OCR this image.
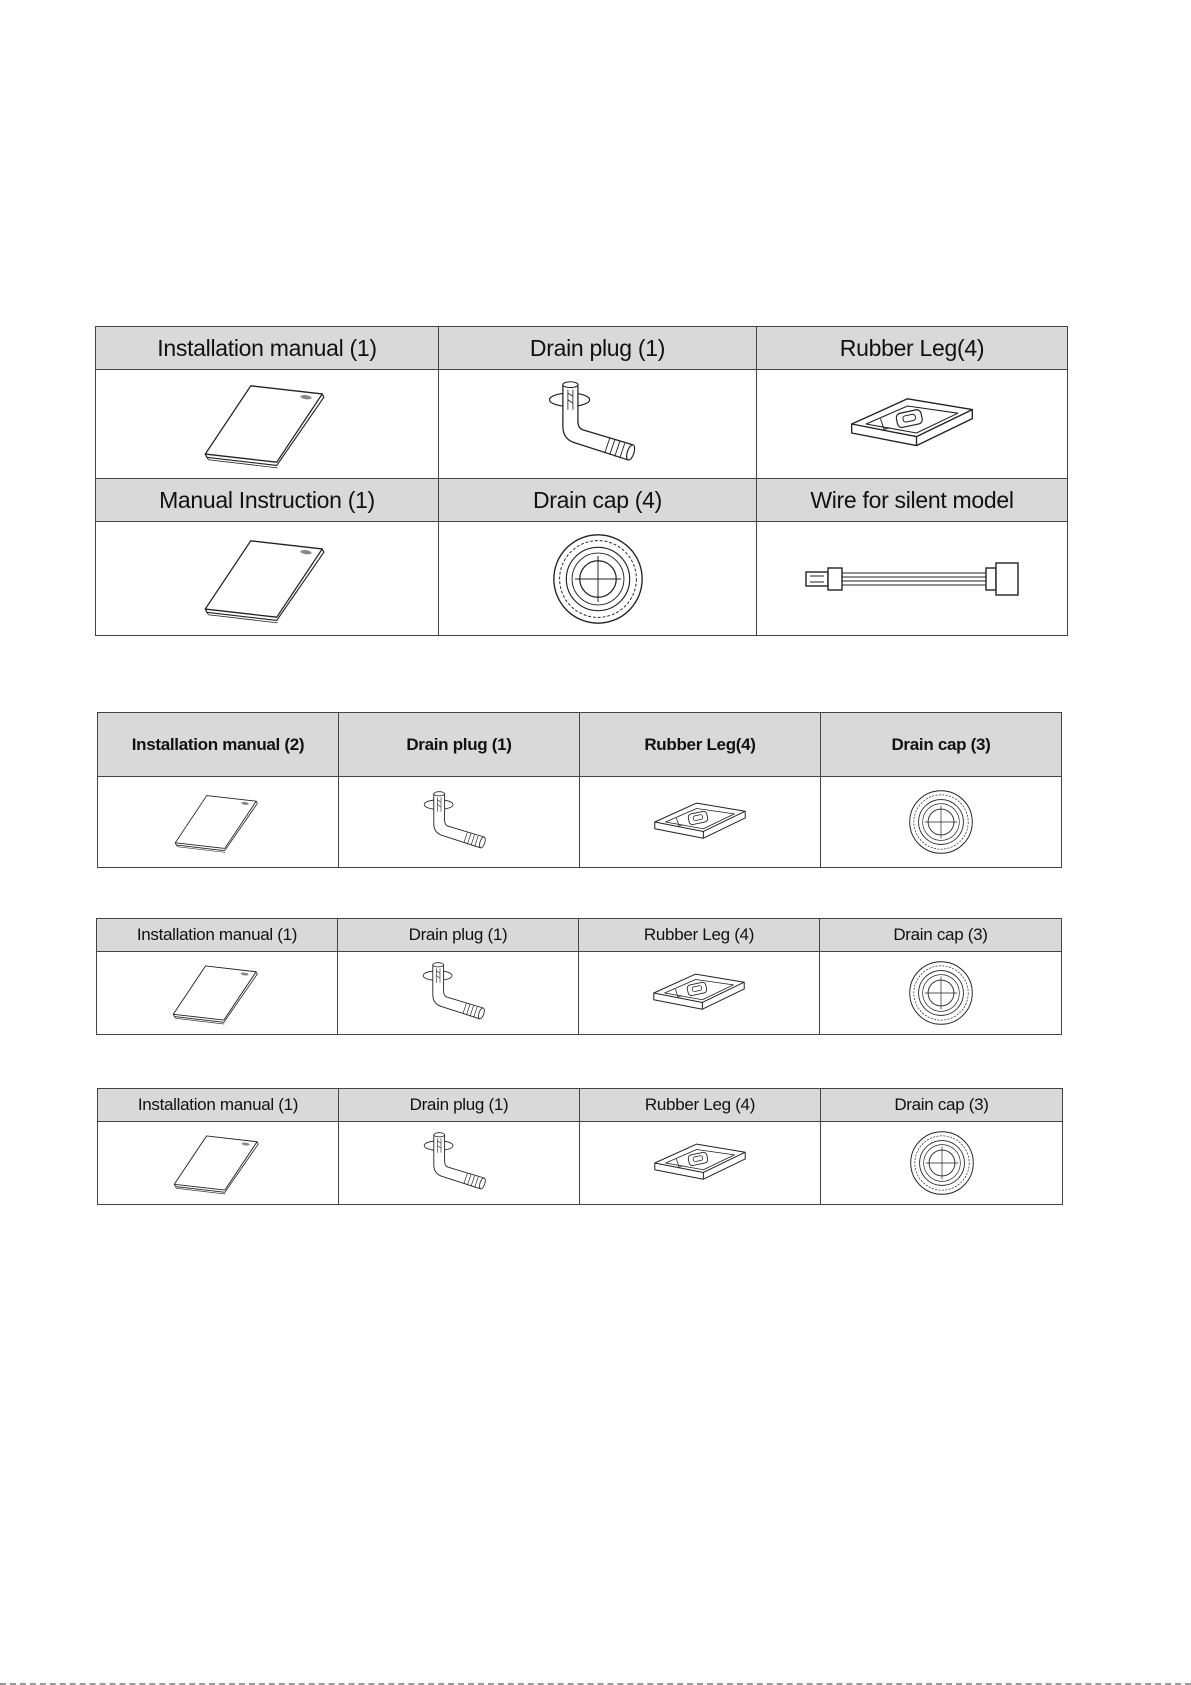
Installation manual (1)	Drain plug (1)	Rubber Leg(4)

Manual Instruction (1)	Drain cap (4)	Wire for silent model

Installation manual (2)	Drain plug (1)	Rubber Leg(4)	Drain cap (3)

Installation manual (1)	Drain plug (1)	Rubber Leg (4)	Drain cap (3)

Installation manual (1)	Drain plug (1)	Rubber Leg (4)	Drain cap (3)
